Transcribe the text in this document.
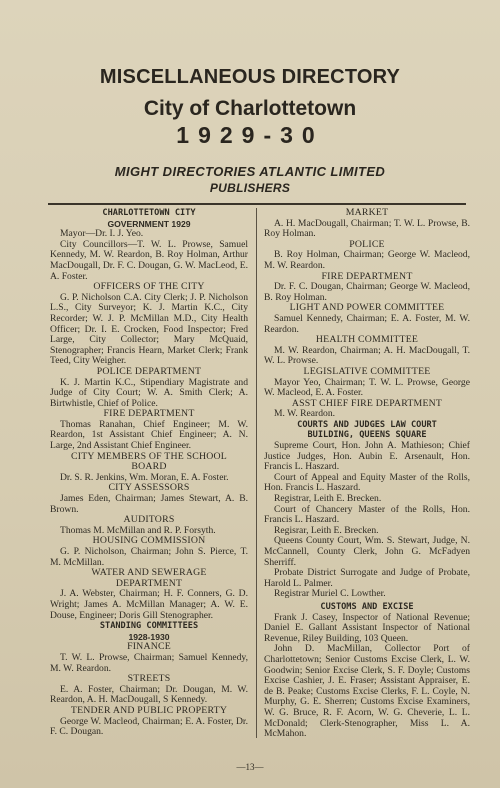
MISCELLANEOUS DIRECTORY
City of Charlottetown
1929-30
MIGHT DIRECTORIES ATLANTIC LIMITED
PUBLISHERS

CHARLOTTETOWN CITY

GOVERNMENT 1929

Mayor—Dr. I. J. Yeo.

City Councillors—T. W. L. Prowse, Samuel Kennedy, M. W. Reardon, B. Roy Holman, Arthur MacDougall, Dr. F. C. Dougan, G. W. MacLeod, E. A. Foster.

OFFICERS OF THE CITY

G. P. Nicholson C.A. City Clerk; J. P. Nicholson L.S., City Surveyor; K. J. Martin K.C., City Recorder; W. J. P. McMillan M.D., City Health Officer; Dr. I. E. Crocken, Food Inspector; Fred Large, City Collector; Mary McQuaid, Stenographer; Francis Hearn, Market Clerk; Frank Teed, City Weigher.

POLICE DEPARTMENT

K. J. Martin K.C., Stipendiary Magistrate and Judge of City Court; W. A. Smith Clerk; A. Birtwhistle, Chief of Police.

FIRE DEPARTMENT

Thomas Ranahan, Chief Engineer; M. W. Reardon, 1st Assistant Chief Engineer; A. N. Large, 2nd Assistant Chief Engineer.

CITY MEMBERS OF THE SCHOOL

BOARD

Dr. S. R. Jenkins, Wm. Moran, E. A. Foster.

CITY ASSESSORS

James Eden, Chairman; James Stewart, A. B. Brown.

AUDITORS

Thomas M. McMillan and R. P. Forsyth.

HOUSING COMMISSION

G. P. Nicholson, Chairman; John S. Pierce, T. M. McMillan.

WATER AND SEWERAGE

DEPARTMENT

J. A. Webster, Chairman; H. F. Conners, G. D. Wright; James A. McMillan Manager; A. W. E. Douse, Engineer; Doris Gill Stenographer.

STANDING COMMITTEES

1928-1930

FINANCE

T. W. L. Prowse, Chairman; Samuel Kennedy, M. W. Reardon.

STREETS

E. A. Foster, Chairman; Dr. Dougan, M. W. Reardon, A. H. MacDougall, S Kennedy.

TENDER AND PUBLIC PROPERTY

George W. Macleod, Chairman; E. A. Foster, Dr. F. C. Dougan.

MARKET

A. H. MacDougall, Chairman; T. W. L. Prowse, B. Roy Holman.

POLICE

B. Roy Holman, Chairman; George W. Macleod, M. W. Reardon.

FIRE DEPARTMENT

Dr. F. C. Dougan, Chairman; George W. Macleod, B. Roy Holman.

LIGHT AND POWER COMMITTEE

Samuel Kennedy, Chairman; E. A. Foster, M. W. Reardon.

HEALTH COMMITTEE

M. W. Reardon, Chairman; A. H. MacDougall, T. W. L. Prowse.

LEGISLATIVE COMMITTEE

Mayor Yeo, Chairman; T. W. L. Prowse, George W. Macleod, E. A. Foster.

ASST CHIEF FIRE DEPARTMENT

M. W. Reardon.

COURTS AND JUDGES LAW COURT

BUILDING, QUEENS SQUARE

Supreme Court, Hon. John A. Mathieson; Chief Justice Judges, Hon. Aubin E. Arsenault, Hon. Francis L. Haszard.

Court of Appeal and Equity Master of the Rolls, Hon. Francis L. Haszard.

Registrar, Leith E. Brecken.

Court of Chancery Master of the Rolls, Hon. Francis L. Haszard.

Regisrar, Leith E. Brecken.

Queens County Court, Wm. S. Stewart, Judge, N. McCannell, County Clerk, John G. McFadyen Sherriff.

Probate District Surrogate and Judge of Probate, Harold L. Palmer.

Registrar Muriel C. Lowther.

CUSTOMS AND EXCISE

Frank J. Casey, Inspector of National Revenue; Daniel E. Gallant Assistant Inspector of National Revenue, Riley Building, 103 Queen.

John D. MacMillan, Collector Port of Charlottetown; Senior Customs Excise Clerk, L. W. Goodwin; Senior Excise Clerk, S. F. Doyle; Customs Excise Cashier, J. E. Fraser; Assistant Appraiser, E. de B. Peake; Customs Excise Clerks, F. L. Coyle, N. Murphy, G. E. Sherren; Customs Excise Examiners, W. G. Bruce, R. F. Acorn, W. G. Cheverie, L. L. McDonald; Clerk-Stenographer, Miss L. A. McMahon.

—13—
